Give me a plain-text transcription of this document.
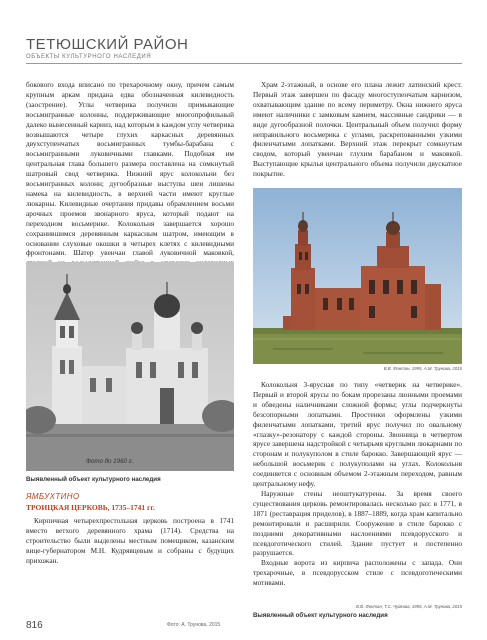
ТЕТЮШСКИЙ РАЙОН
ОБЪЕКТЫ КУЛЬТУРНОГО НАСЛЕДИЯ

бокового входа вписано по трехарочному окну, причем самым крупным аркам придана едва обозначенная килевидность (заострение). Углы четверика получили примыкающие восьмигранные колонны, поддерживающие многопрофильный далеко вынесенный карниз, над которым в каждом углу четверика возвышаются четыре глухих каркасных деревянных двухступенчатых восьмигранных тумбы-барабана с восьмигранными луковичными главками. Подобная им центральная глава большего размера поставлена на сомкнутый шатровый свод четверика. Нижний ярус колокольни без восьмигранных колонн; дугообразные выступы шеи лишены намека на килевидность, в верхней части имеют круглые люкарны. Килевидные очертания придавы обрамлением восьми арочных проемов звонарного яруса, который подают на переходном восьмерике. Колокольня завершается хорошо сохранившимся деревянным каркасным шатром, имеющим в основании слуховые окошки в четырех клетях с килевидными фронтонами. Шатер увенчан главой луковичной маковкой,

Храм 2-этажный, в основе его плана лежит латинский крест. Первый этаж завершен по фасаду многоступенчатым карнизом, охватывающим здание по всему периметру. Окна нижнего яруса имеют наличники с замковым камнем, массивные сандрики — в виде дугообразной полочки. Центральный объем получил форму неправильного восьмерика с углами, раскрепованными узкими филенчатыми лопатками. Верхний этаж перекрыт сомкнутым сводом, который увенчан глухим барабаном и маковкой. Выступающие крылья центрального объема получили двускатное покрытие.

В.В. Фонтан, 1995, А.М. Трунова, 2015
Фото до 1960 г.
Выявленный объект культурного наследия
ЯМБУХТИНО
ТРОИЦКАЯ ЦЕРКОВЬ, 1735–1741 гг.

Кирпичная четырехпрестольная церковь построена в 1741 вместо ветхого деревянного храма (1714). Средства на строительство были выделены местным помещиком, казанским вице-губернатором М.Н. Кудрявцевым и собраны с будущих прихожан.

Колокольня 3-ярусная по типу «четверик на четверике». Первый и второй ярусы по бокам прорезаны люнными проемами и обведены наличниками сложной формы; углы подчеркнуты безсопорными лопатками. Простенки оформлены узкими филенчатыми лопатками, третий ярус получил по овальному «глазку»-резонатору с каждой стороны. Звонница в четвертом ярусе завершена надстройкой с четырьмя круглыми люкарнами по сторонам и полукуполом в стиле барокко. Завершающий ярус — небольшой восьмерик с полукуполами на углах. Колокольня соединяется с основным объемом 2-этажным переходом, равным центральному нефу.

Наружные стены неоштукатурены. За время своего существования церковь ремонтировалась несколько раз: в 1771, в 1871 (реставрация приделов), в 1887–1889, когда храм капитально ремонтировали и расширили. Сооружение в стиле барокко с поздними декоративными наслоениями псевдорусского и псевдоготического стилей. Здание пустует и постепенно разрушается.

Входные ворота из кирпича расположены с запада. Они трехарочные, в псевдорусском стиле с псевдоготическими мотивами.

В.В. Фонтан, Т.С. Чуйкова, 1995, А.М. Трунова, 2015
Выявленный объект культурного наследия
816	Фото: А. Трунова, 2015
